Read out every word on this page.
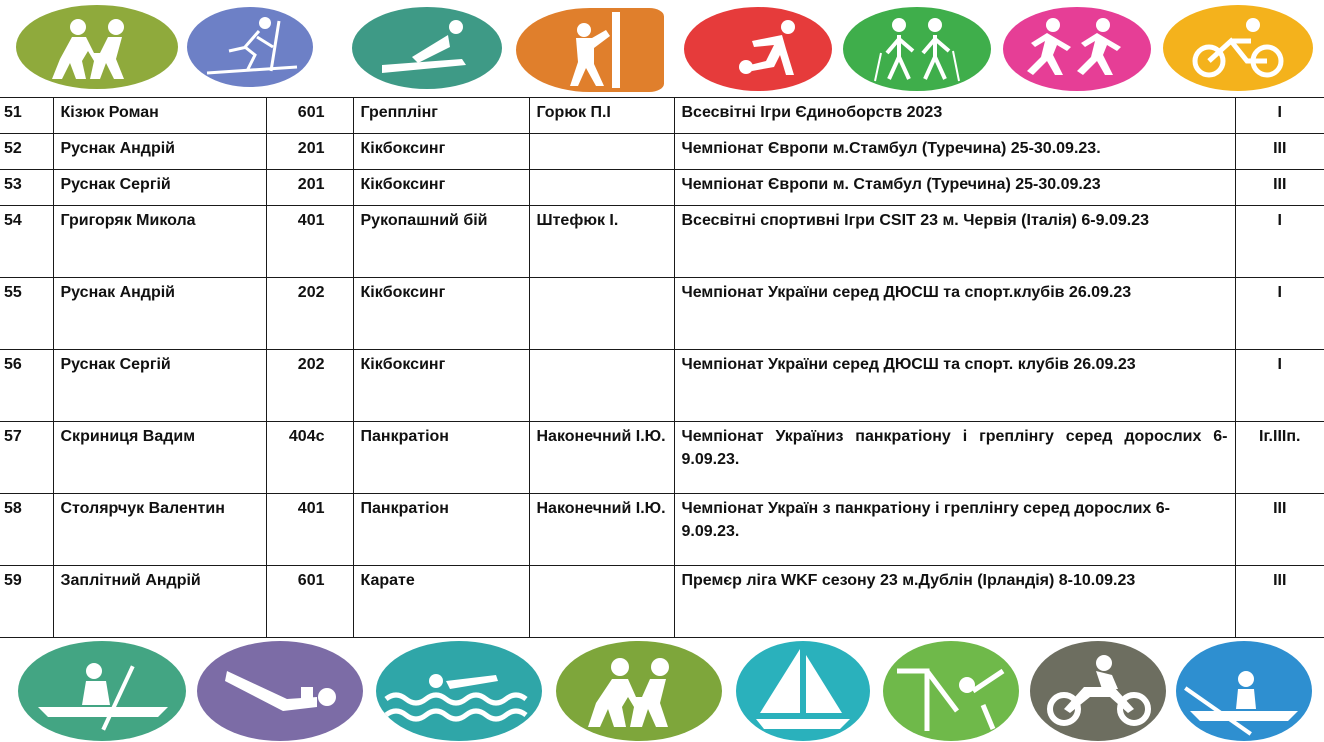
51	Кізюк Роман	601	Грепплінг	Горюк П.І	Всесвітні Ігри Єдиноборств 2023	І
52	Руснак Андрій	201	Кікбоксинг		Чемпіонат Європи м.Стамбул (Туречина) 25-30.09.23.	ІІІ
53	Руснак Сергій	201	Кікбоксинг		Чемпіонат Європи м. Стамбул (Туречина) 25-30.09.23	ІІІ
54	Григоряк Микола	401	Рукопашний бій	Штефюк І.	Всесвітні спортивні Ігри CSIT 23 м. Червія (Італія) 6-9.09.23	І
55	Руснак Андрій	202	Кікбоксинг		Чемпіонат України серед ДЮСШ та спорт.клубів 26.09.23	І
56	Руснак Сергій	202	Кікбоксинг		Чемпіонат України серед ДЮСШ та спорт. клубів 26.09.23	І
57	Скриниця Вадим	404с	Панкратіон	Наконечний І.Ю.	Чемпіонат Україниз панкратіону і греплінгу серед дорослих 6-9.09.23.	Іг.ІІІп.
58	Столярчук Валентин	401	Панкратіон	Наконечний І.Ю.	Чемпіонат Україн з панкратіону і греплінгу серед дорослих 6-9.09.23.	ІІІ
59	Заплітний Андрій	601	Карате		Премєр ліга WKF сезону 23 м.Дублін (Ірландія) 8-10.09.23	ІІІ
